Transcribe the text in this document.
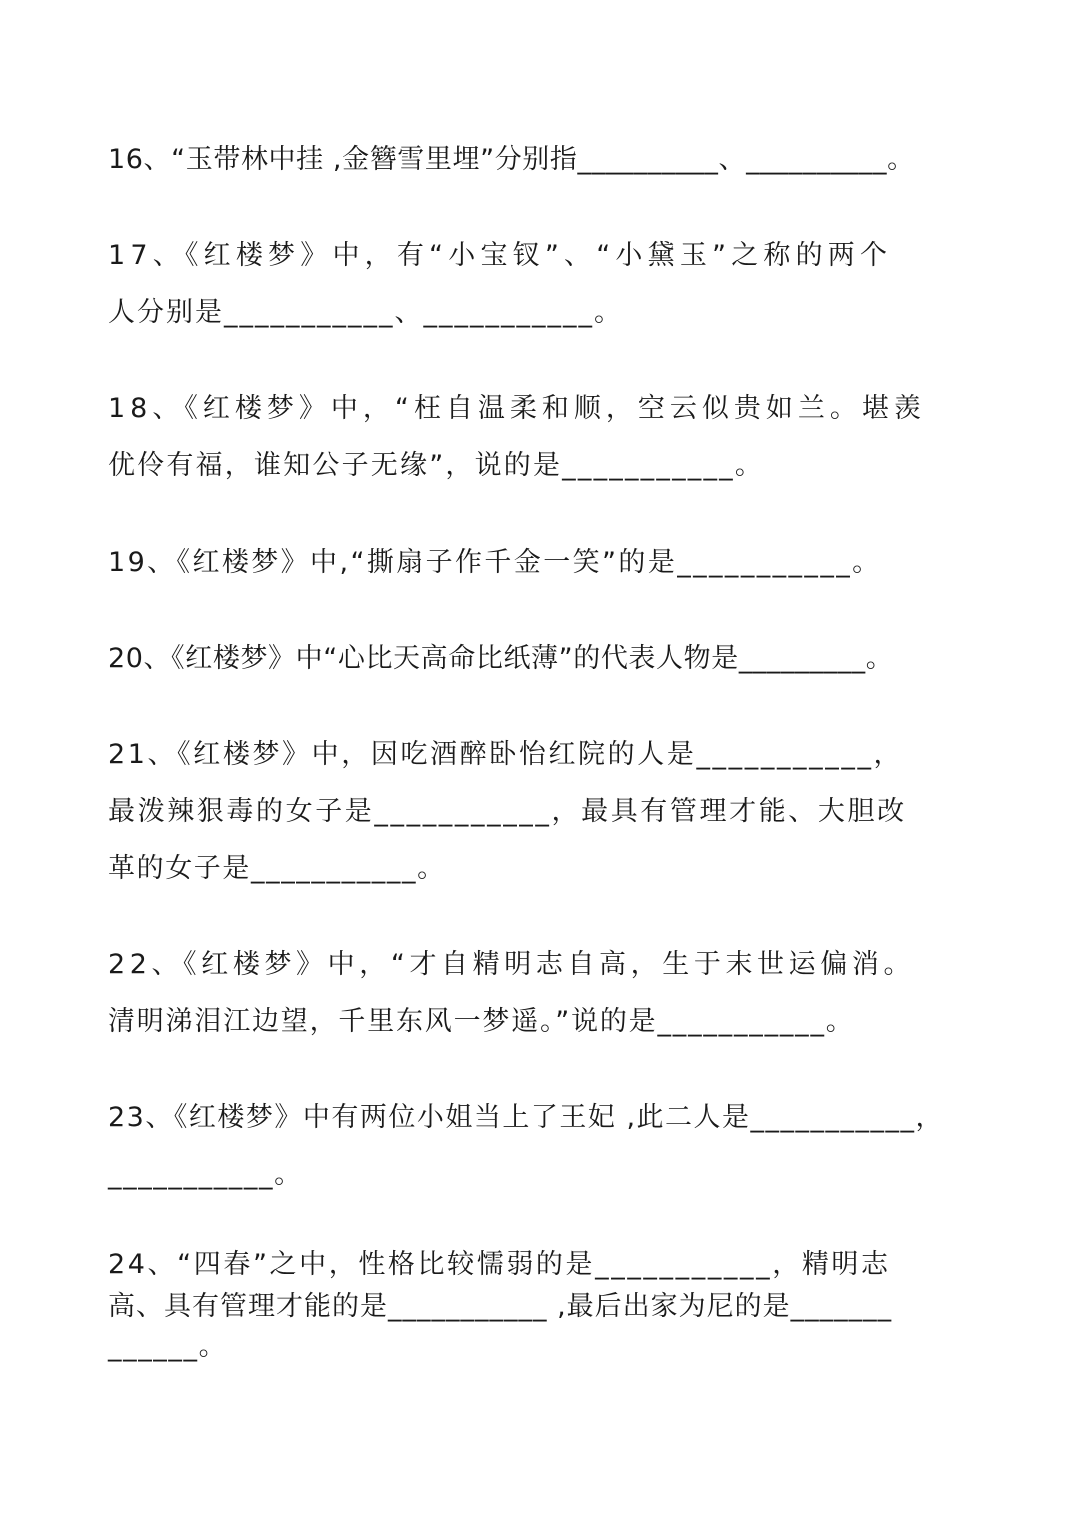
16、“玉带林中挂 ,金簪雪里埋”分别指__________、__________。
17、《红楼梦》中，有“小宝钗”、“小黛玉”之称的两个
人分别是___________、___________。
18、《红楼梦》中，“枉自温柔和顺，空云似贵如兰。堪羡
优伶有福，谁知公子无缘”，说的是___________。
19、《红楼梦》中,“撕扇子作千金一笑”的是___________。
20、《红楼梦》中“心比天高命比纸薄”的代表人物是_________。
21、《红楼梦》中，因吃酒醉卧怡红院的人是___________，
最泼辣狠毒的女子是___________，最具有管理才能、大胆改
革的女子是___________。
22、《红楼梦》中，“才自精明志自高，生于末世运偏消。
清明涕泪江边望，千里东风一梦遥。”说的是___________。
23、《红楼梦》中有两位小姐当上了王妃 ,此二人是___________，
___________。
24、“四春”之中，性格比较懦弱的是___________，精明志
高、具有管理才能的是___________ ,最后出家为尼的是_______
______。
